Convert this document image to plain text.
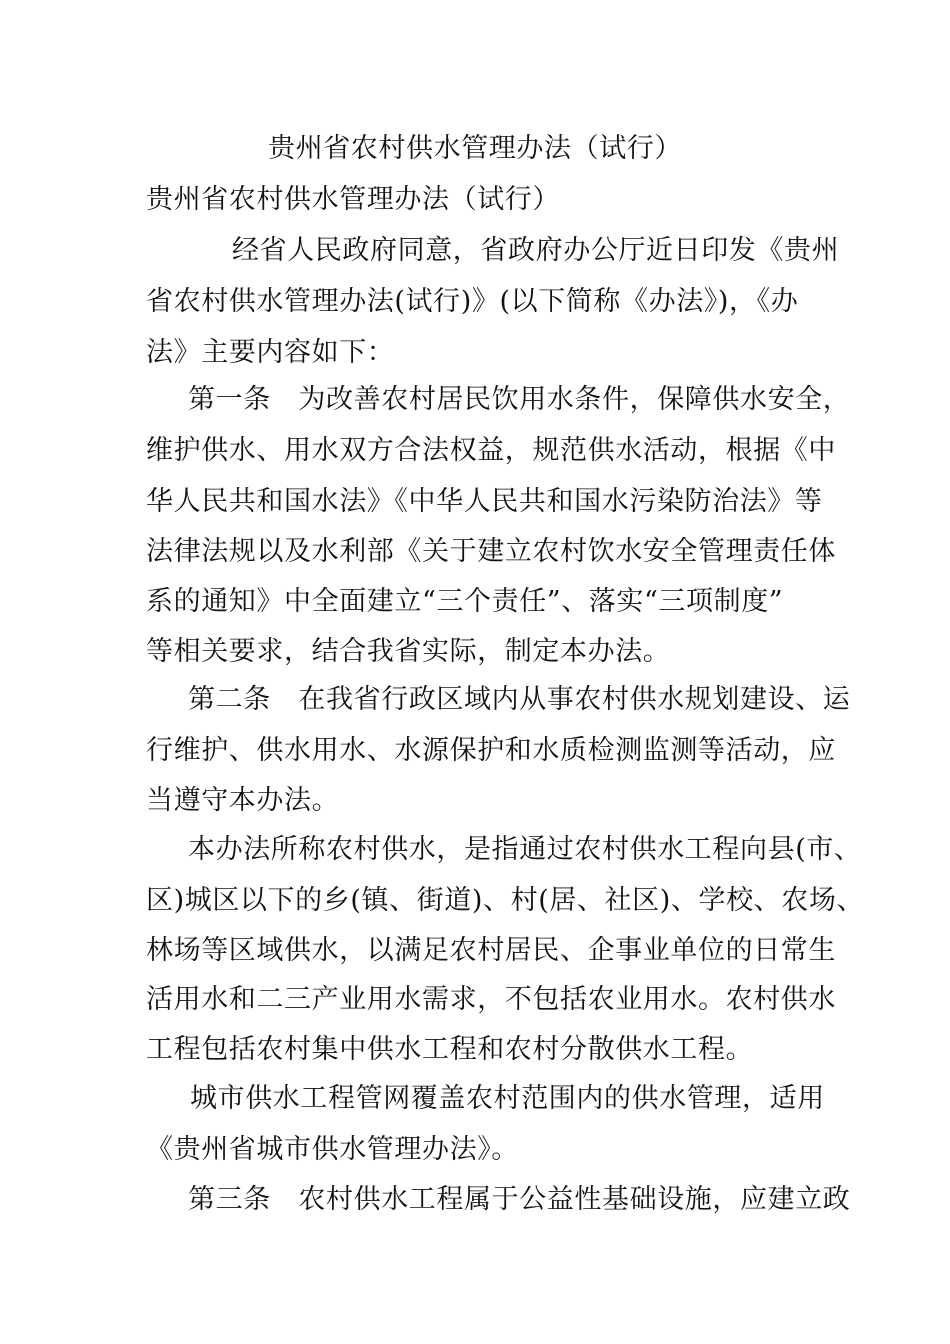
贵州省农村供水管理办法（试行）
贵州省农村供水管理办法（试行）
经省人民政府同意，省政府办公厅近日印发《贵州
省农村供水管理办法(试行)》(以下简称《办法》)，《办
法》主要内容如下：
第一条　为改善农村居民饮用水条件，保障供水安全，
维护供水、用水双方合法权益，规范供水活动，根据《中
华人民共和国水法》《中华人民共和国水污染防治法》等
法律法规以及水利部《关于建立农村饮水安全管理责任体
系的通知》中全面建立“三个责任”、落实“三项制度”
等相关要求，结合我省实际，制定本办法。
第二条　在我省行政区域内从事农村供水规划建设、运
行维护、供水用水、水源保护和水质检测监测等活动，应
当遵守本办法。
本办法所称农村供水，是指通过农村供水工程向县(市、
区)城区以下的乡(镇、街道)、村(居、社区)、学校、农场、
林场等区域供水，以满足农村居民、企事业单位的日常生
活用水和二三产业用水需求，不包括农业用水。农村供水
工程包括农村集中供水工程和农村分散供水工程。
城市供水工程管网覆盖农村范围内的供水管理，适用
《贵州省城市供水管理办法》。
第三条　农村供水工程属于公益性基础设施，应建立政
